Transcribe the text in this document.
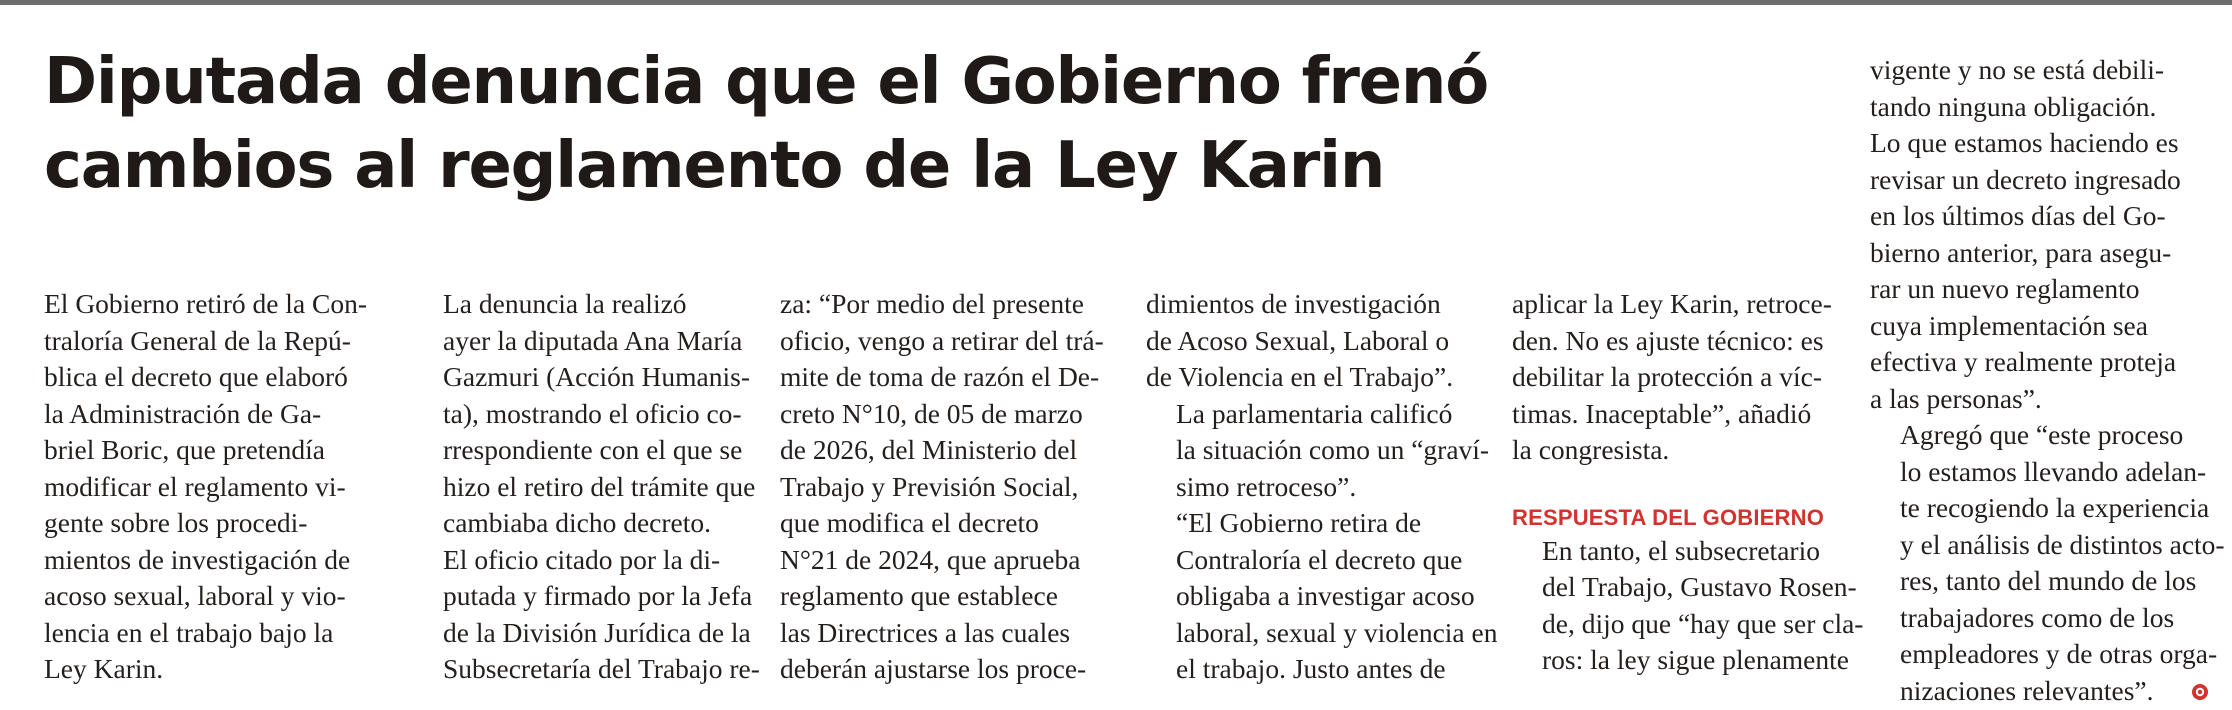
Diputada denuncia que el Gobierno frenó
cambios al reglamento de la Ley Karin

El Gobierno retiró de la Con-
traloría General de la Repú-
blica el decreto que elaboró
la Administración de Ga-
briel Boric, que pretendía
modificar el reglamento vi-
gente sobre los procedi-
mientos de investigación de
acoso sexual, laboral y vio-
lencia en el trabajo bajo la
Ley Karin.

La denuncia la realizó
ayer la diputada Ana María
Gazmuri (Acción Humanis-
ta), mostrando el oficio co-
rrespondiente con el que se
hizo el retiro del trámite que
cambiaba dicho decreto.

El oficio citado por la di-
putada y firmado por la Jefa
de la División Jurídica de la
Subsecretaría del Trabajo re-

za: “Por medio del presente
oficio, vengo a retirar del trá-
mite de toma de razón el De-
creto N°10, de 05 de marzo
de 2026, del Ministerio del
Trabajo y Previsión Social,
que modifica el decreto
N°21 de 2024, que aprueba
reglamento que establece
las Directrices a las cuales
deberán ajustarse los proce-

dimientos de investigación
de Acoso Sexual, Laboral o
de Violencia en el Trabajo”.

La parlamentaria calificó
la situación como un “graví-
simo retroceso”.

“El Gobierno retira de
Contraloría el decreto que
obligaba a investigar acoso
laboral, sexual y violencia en
el trabajo. Justo antes de

aplicar la Ley Karin, retroce-
den. No es ajuste técnico: es
debilitar la protección a víc-
timas. Inaceptable”, añadió
la congresista.

RESPUESTA DEL GOBIERNO

En tanto, el subsecretario
del Trabajo, Gustavo Rosen-
de, dijo que “hay que ser cla-
ros: la ley sigue plenamente

vigente y no se está debili-
tando ninguna obligación.
Lo que estamos haciendo es
revisar un decreto ingresado
en los últimos días del Go-
bierno anterior, para asegu-
rar un nuevo reglamento
cuya implementación sea
efectiva y realmente proteja
a las personas”.

Agregó que “este proceso
lo estamos llevando adelan-
te recogiendo la experiencia
y el análisis de distintos acto-
res, tanto del mundo de los
trabajadores como de los
empleadores y de otras orga-
nizaciones relevantes”.
